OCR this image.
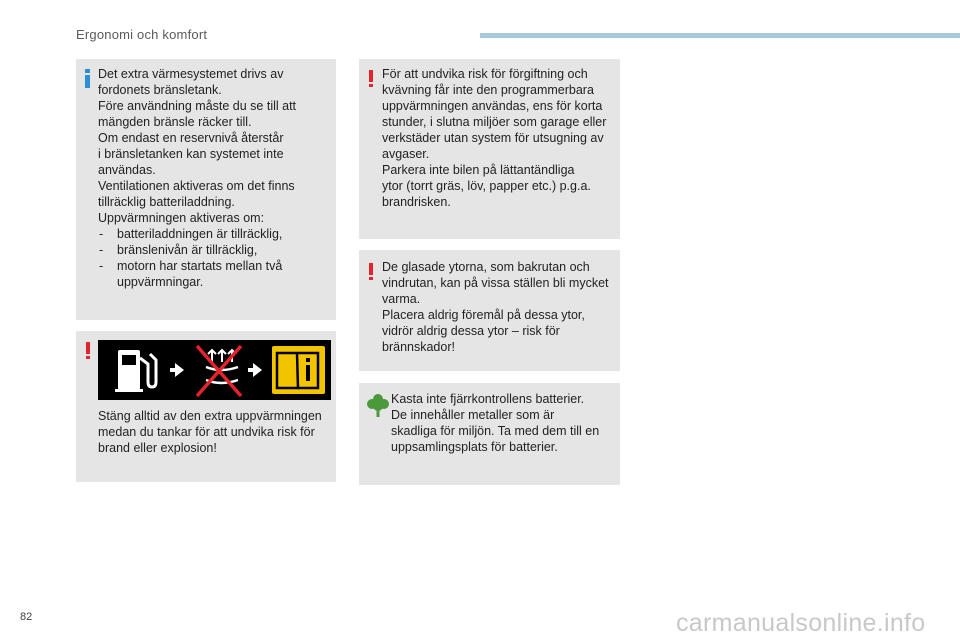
Ergonomi och komfort

Det extra värmesystemet drivs av

fordonets bränsletank.

Före användning måste du se till att

mängden bränsle räcker till.

Om endast en reservnivå återstår

i bränsletanken kan systemet inte

användas.

Ventilationen aktiveras om det finns

tillräcklig batteriladdning.

Uppvärmningen aktiveras om:

- batteriladdningen är tillräcklig,
- bränslenivån är tillräcklig,
- motorn har startats mellan två uppvärmningar.

Stäng alltid av den extra uppvärmningen

medan du tankar för att undvika risk för

brand eller explosion!

För att undvika risk för förgiftning och

kvävning får inte den programmerbara

uppvärmningen användas, ens för korta

stunder, i slutna miljöer som garage eller

verkstäder utan system för utsugning av

avgaser.

Parkera inte bilen på lättantändliga

ytor (torrt gräs, löv, papper etc.) p.g.a.

brandrisken.

De glasade ytorna, som bakrutan och

vindrutan, kan på vissa ställen bli mycket

varma.

Placera aldrig föremål på dessa ytor,

vidrör aldrig dessa ytor – risk för

brännskador!

Kasta inte fjärrkontrollens batterier.

De innehåller metaller som är

skadliga för miljön. Ta med dem till en

uppsamlingsplats för batterier.

82	carmanualsonline.info
